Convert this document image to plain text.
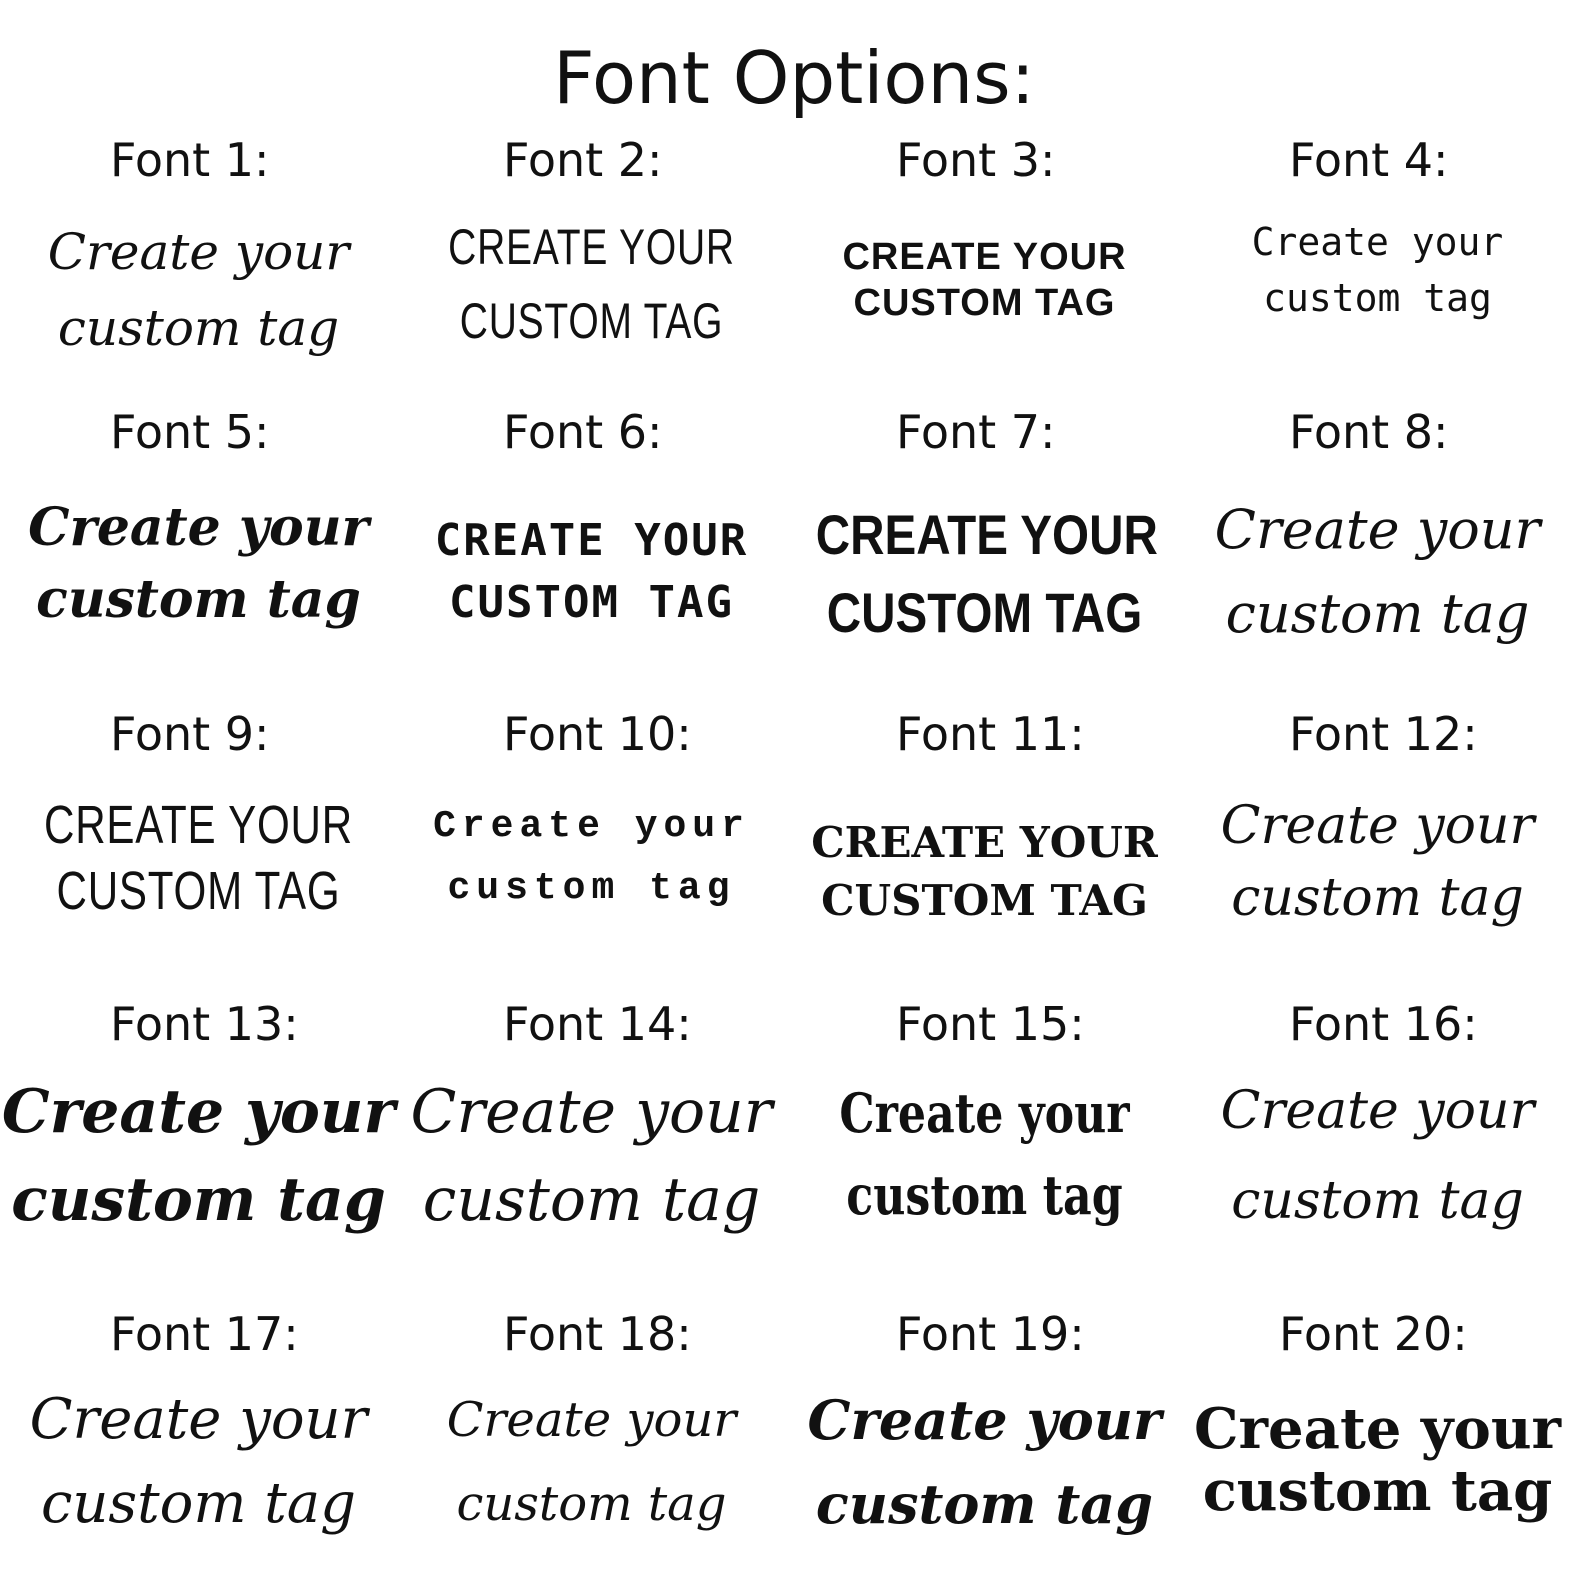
Font Options:
Font 1:
Create your
custom tag
Font 2:
CREATE YOUR
CUSTOM TAG
Font 3:
CREATE YOUR
CUSTOM TAG
Font 4:
Create your
custom tag
Font 5:
Create your
custom tag
Font 6:
CREATE YOUR
CUSTOM TAG
Font 7:
CREATE YOUR
CUSTOM TAG
Font 8:
Create your
custom tag
Font 9:
CREATE YOUR
CUSTOM TAG
Font 10:
Create your
custom tag
Font 11:
CREATE YOUR
CUSTOM TAG
Font 12:
Create your
custom tag
Font 13:
Create your
custom tag
Font 14:
Create your
custom tag
Font 15:
Create your
custom tag
Font 16:
Create your
custom tag
Font 17:
Create your
custom tag
Font 18:
Create your
custom tag
Font 19:
Create your
custom tag
Font 20:
Create your
custom tag
